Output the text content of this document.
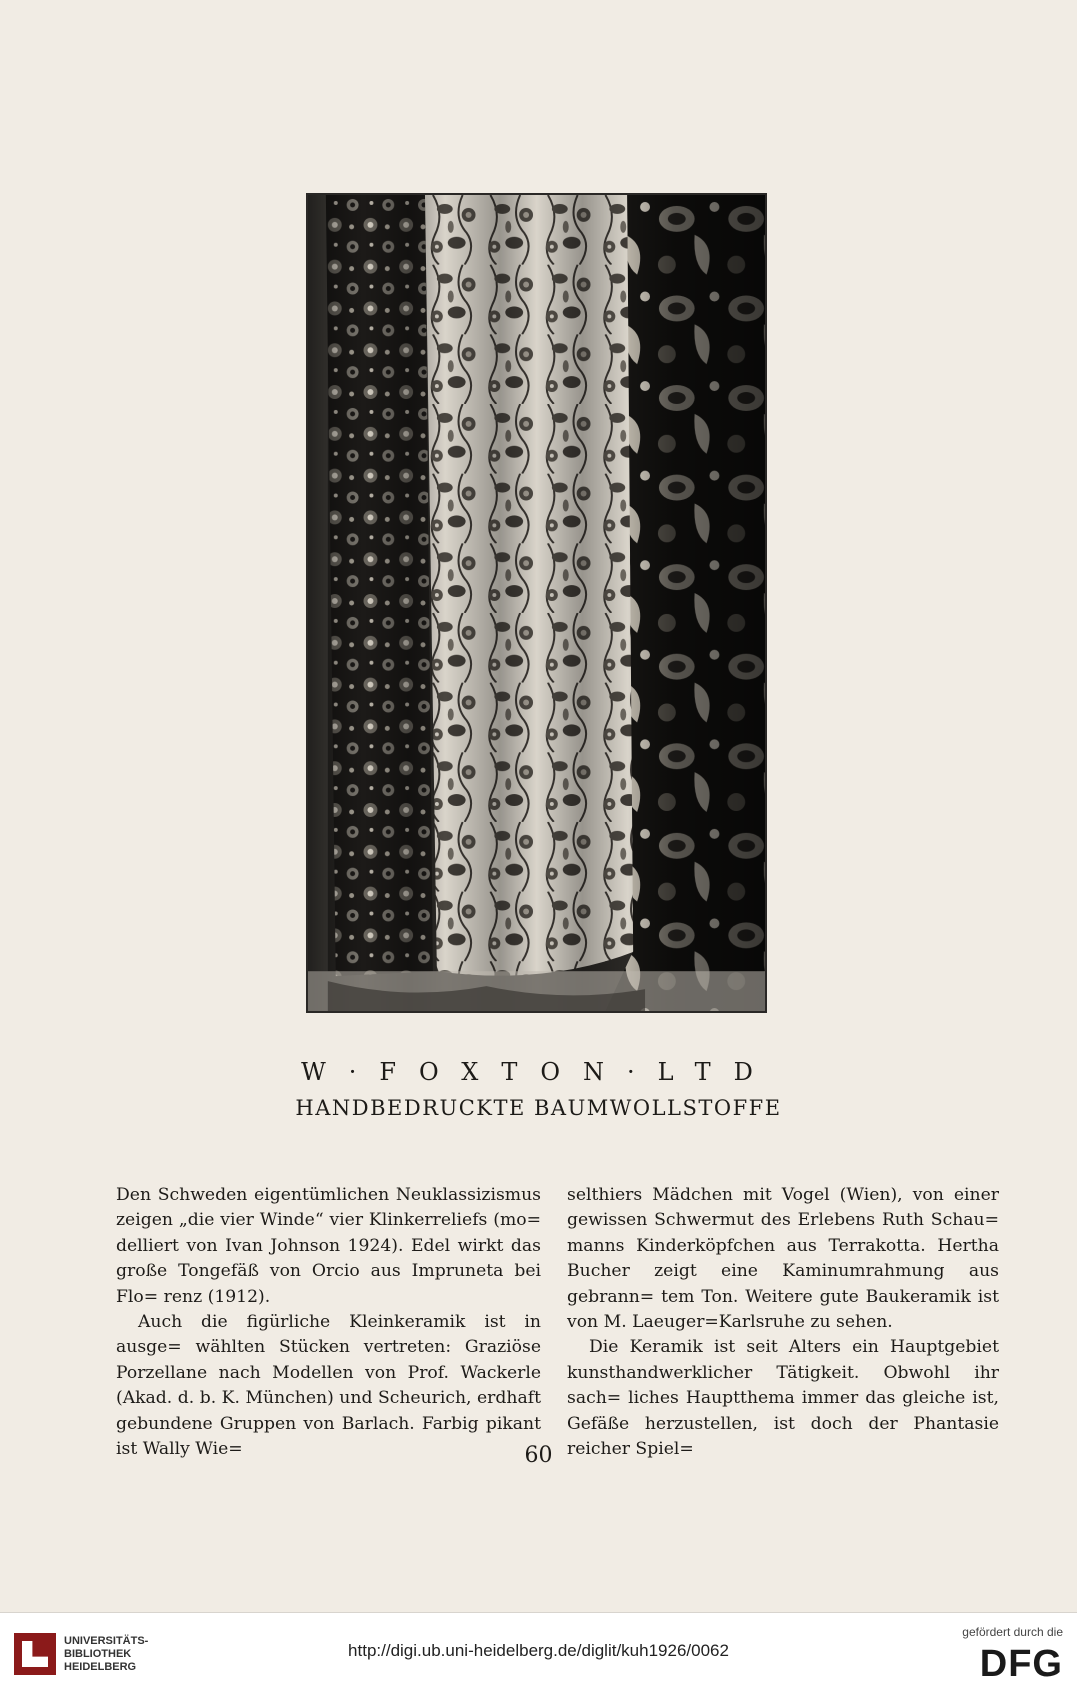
W·FOXTON·LTD
HANDBEDRUCKTE BAUMWOLLSTOFFE

Den Schweden eigentümlichen Neuklassizismus zeigen „die vier Winde“ vier Klinkerreliefs (mo= delliert von Ivan Johnson 1924). Edel wirkt das große Tongefäß von Orcio aus Impruneta bei Flo= renz (1912).

Auch die figürliche Kleinkeramik ist in ausge= wählten Stücken vertreten: Graziöse Porzellane nach Modellen von Prof. Wackerle (Akad. d. b. K. München) und Scheurich, erdhaft gebundene Gruppen von Barlach. Farbig pikant ist Wally Wie=

selthiers Mädchen mit Vogel (Wien), von einer gewissen Schwermut des Erlebens Ruth Schau= manns Kinderköpfchen aus Terrakotta. Hertha Bucher zeigt eine Kaminumrahmung aus gebrann= tem Ton. Weitere gute Baukeramik ist von M. Laeuger=Karlsruhe zu sehen.

Die Keramik ist seit Alters ein Hauptgebiet kunsthandwerklicher Tätigkeit. Obwohl ihr sach= liches Hauptthema immer das gleiche ist, Gefäße herzustellen, ist doch der Phantasie reicher Spiel=

60
UNIVERSITÄTS-
BIBLIOTHEK
HEIDELBERG
http://digi.ub.uni-heidelberg.de/diglit/kuh1926/0062
gefördert durch die
DFG
